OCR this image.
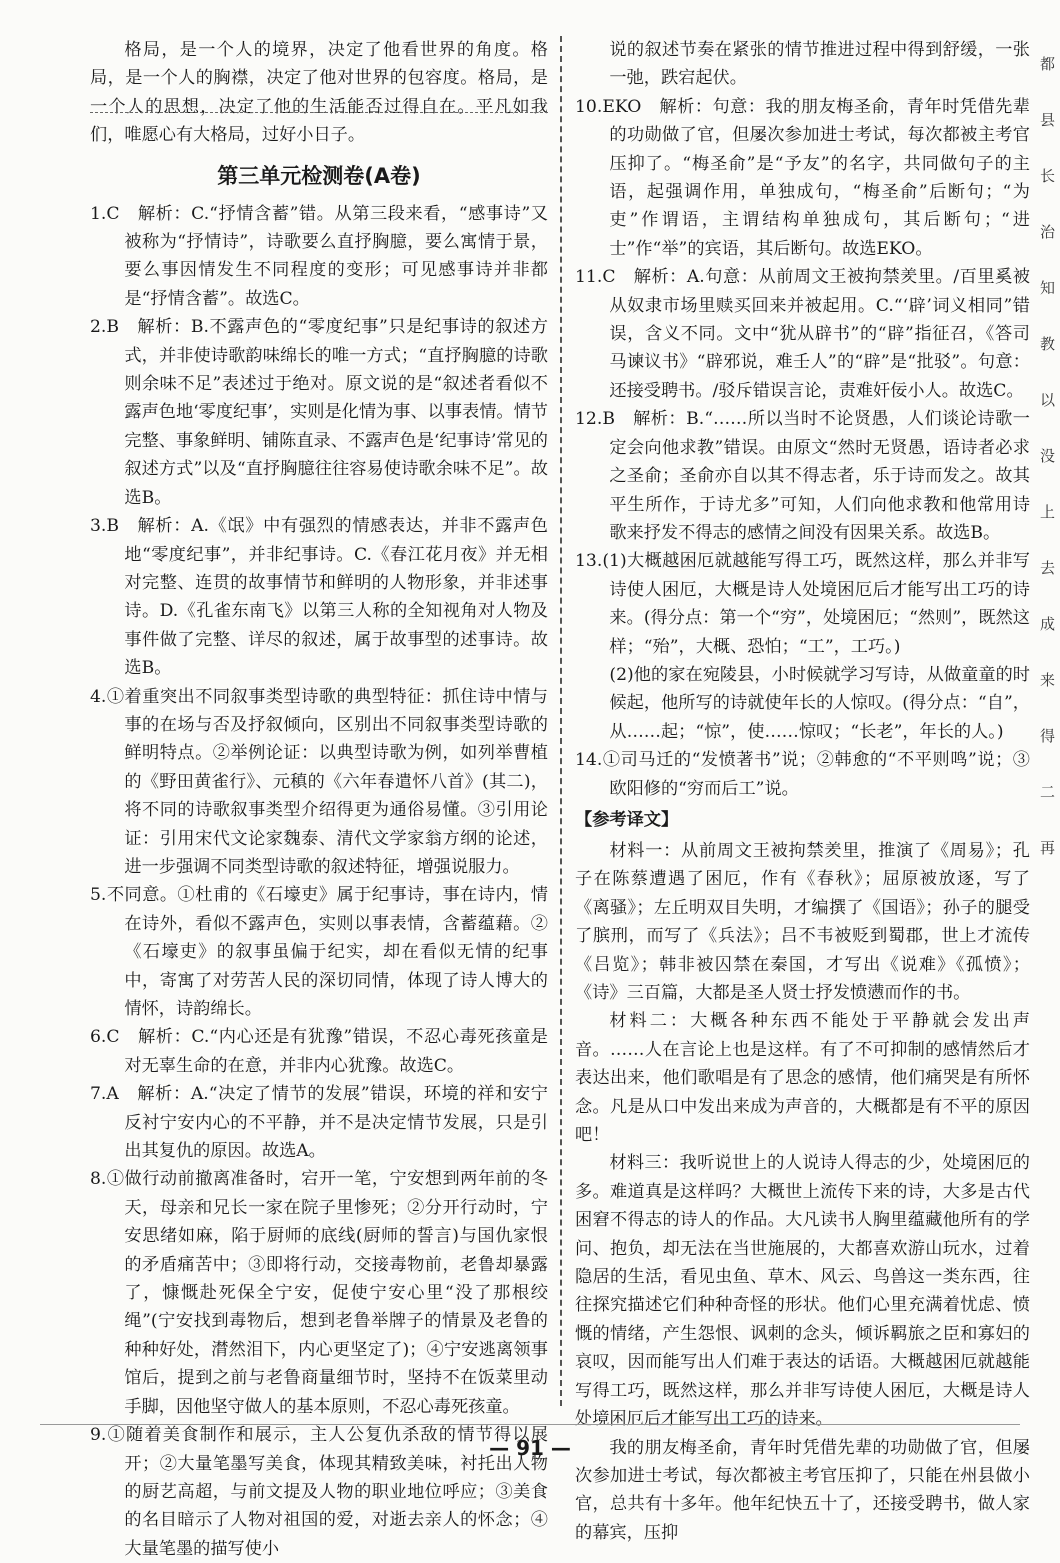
格局，是一个人的境界，决定了他看世界的角度。格局，是一个人的胸襟，决定了他对世界的包容度。格局，是一个人的思想，决定了他的生活能否过得自在。平凡如我们，唯愿心有大格局，过好小日子。

第三单元检测卷(A卷)

1.C　解析：C.“抒情含蓄”错。从第三段来看，“感事诗”又被称为“抒情诗”，诗歌要么直抒胸臆，要么寓情于景，要么事因情发生不同程度的变形；可见感事诗并非都是“抒情含蓄”。故选C。

2.B　解析：B.不露声色的“零度纪事”只是纪事诗的叙述方式，并非使诗歌韵味绵长的唯一方式；“直抒胸臆的诗歌则余味不足”表述过于绝对。原文说的是“叙述者看似不露声色地‘零度纪事’，实则是化情为事、以事表情。情节完整、事象鲜明、铺陈直录、不露声色是‘纪事诗’常见的叙述方式”以及“直抒胸臆往往容易使诗歌余味不足”。故选B。

3.B　解析：A.《氓》中有强烈的情感表达，并非不露声色地“零度纪事”，并非纪事诗。C.《春江花月夜》并无相对完整、连贯的故事情节和鲜明的人物形象，并非述事诗。D.《孔雀东南飞》以第三人称的全知视角对人物及事件做了完整、详尽的叙述，属于故事型的述事诗。故选B。

4.①着重突出不同叙事类型诗歌的典型特征：抓住诗中情与事的在场与否及抒叙倾向，区别出不同叙事类型诗歌的鲜明特点。②举例论证：以典型诗歌为例，如列举曹植的《野田黄雀行》、元稹的《六年春遣怀八首》(其二)，将不同的诗歌叙事类型介绍得更为通俗易懂。③引用论证：引用宋代文论家魏泰、清代文学家翁方纲的论述，进一步强调不同类型诗歌的叙述特征，增强说服力。

5.不同意。①杜甫的《石壕吏》属于纪事诗，事在诗内，情在诗外，看似不露声色，实则以事表情，含蓄蕴藉。②《石壕吏》的叙事虽偏于纪实，却在看似无情的纪事中，寄寓了对劳苦人民的深切同情，体现了诗人博大的情怀，诗韵绵长。

6.C　解析：C.“内心还是有犹豫”错误，不忍心毒死孩童是对无辜生命的在意，并非内心犹豫。故选C。

7.A　解析：A.“决定了情节的发展”错误，环境的祥和安宁反衬宁安内心的不平静，并不是决定情节发展，只是引出其复仇的原因。故选A。

8.①做行动前撤离准备时，宕开一笔，宁安想到两年前的冬天，母亲和兄长一家在院子里惨死；②分开行动时，宁安思绪如麻，陷于厨师的底线(厨师的誓言)与国仇家恨的矛盾痛苦中；③即将行动，交接毒物前，老鲁却暴露了，慷慨赴死保全宁安，促使宁安心里“没了那根绞绳”(宁安找到毒物后，想到老鲁举牌子的情景及老鲁的种种好处，潸然泪下，内心更坚定了)；④宁安逃离领事馆后，提到之前与老鲁商量细节时，坚持不在饭菜里动手脚，因他坚守做人的基本原则，不忍心毒死孩童。

9.①随着美食制作和展示，主人公复仇杀敌的情节得以展开；②大量笔墨写美食，体现其精致美味，衬托出人物的厨艺高超，与前文提及人物的职业地位呼应；③美食的名目暗示了人物对祖国的爱，对逝去亲人的怀念；④大量笔墨的描写使小

说的叙述节奏在紧张的情节推进过程中得到舒缓，一张一弛，跌宕起伏。

10.EKO　解析：句意：我的朋友梅圣俞，青年时凭借先辈的功勋做了官，但屡次参加进士考试，每次都被主考官压抑了。“梅圣俞”是“予友”的名字，共同做句子的主语，起强调作用，单独成句，“梅圣俞”后断句；“为吏”作谓语，主谓结构单独成句，其后断句；“进士”作“举”的宾语，其后断句。故选EKO。

11.C　解析：A.句意：从前周文王被拘禁羑里。/百里奚被从奴隶市场里赎买回来并被起用。C.“‘辟’词义相同”错误，含义不同。文中“犹从辟书”的“辟”指征召，《答司马谏议书》“辟邪说，难壬人”的“辟”是“批驳”。句意：还接受聘书。/驳斥错误言论，责难奸佞小人。故选C。

12.B　解析：B.“……所以当时不论贤愚，人们谈论诗歌一定会向他求教”错误。由原文“然时无贤愚，语诗者必求之圣俞；圣俞亦自以其不得志者，乐于诗而发之。故其平生所作，于诗尤多”可知，人们向他求教和他常用诗歌来抒发不得志的感情之间没有因果关系。故选B。

13.(1)大概越困厄就越能写得工巧，既然这样，那么并非写诗使人困厄，大概是诗人处境困厄后才能写出工巧的诗来。(得分点：第一个“穷”，处境困厄；“然则”，既然这样；“殆”，大概、恐怕；“工”，工巧。)

(2)他的家在宛陵县，小时候就学习写诗，从做童童的时候起，他所写的诗就使年长的人惊叹。(得分点：“自”，从……起；“惊”，使……惊叹；“长老”，年长的人。)

14.①司马迁的“发愤著书”说；②韩愈的“不平则鸣”说；③欧阳修的“穷而后工”说。

【参考译文】

材料一：从前周文王被拘禁羑里，推演了《周易》；孔子在陈蔡遭遇了困厄，作有《春秋》；屈原被放逐，写了《离骚》；左丘明双目失明，才编撰了《国语》；孙子的腿受了膑刑，而写了《兵法》；吕不韦被贬到蜀郡，世上才流传《吕览》；韩非被囚禁在秦国，才写出《说难》《孤愤》；《诗》三百篇，大都是圣人贤士抒发愤懑而作的书。

材料二：大概各种东西不能处于平静就会发出声音。……人在言论上也是这样。有了不可抑制的感情然后才表达出来，他们歌唱是有了思念的感情，他们痛哭是有所怀念。凡是从口中发出来成为声音的，大概都是有不平的原因吧！

材料三：我听说世上的人说诗人得志的少，处境困厄的多。难道真是这样吗？大概世上流传下来的诗，大多是古代困窘不得志的诗人的作品。大凡读书人胸里蕴藏他所有的学问、抱负，却无法在当世施展的，大都喜欢游山玩水，过着隐居的生活，看见虫鱼、草木、风云、鸟兽这一类东西，往往探究描述它们种种奇怪的形状。他们心里充满着忧虑、愤慨的情绪，产生怨恨、讽刺的念头，倾诉羁旅之臣和寡妇的哀叹，因而能写出人们难于表达的话语。大概越困厄就越能写得工巧，既然这样，那么并非写诗使人困厄，大概是诗人处境困厄后才能写出工巧的诗来。

我的朋友梅圣俞，青年时凭借先辈的功勋做了官，但屡次参加进士考试，每次都被主考官压抑了，只能在州县做小官，总共有十多年。他年纪快五十了，还接受聘书，做人家的幕宾，压抑

都
县
长
治
知
教
以
没
上
去
成
来
得
二
再
— 91 —
